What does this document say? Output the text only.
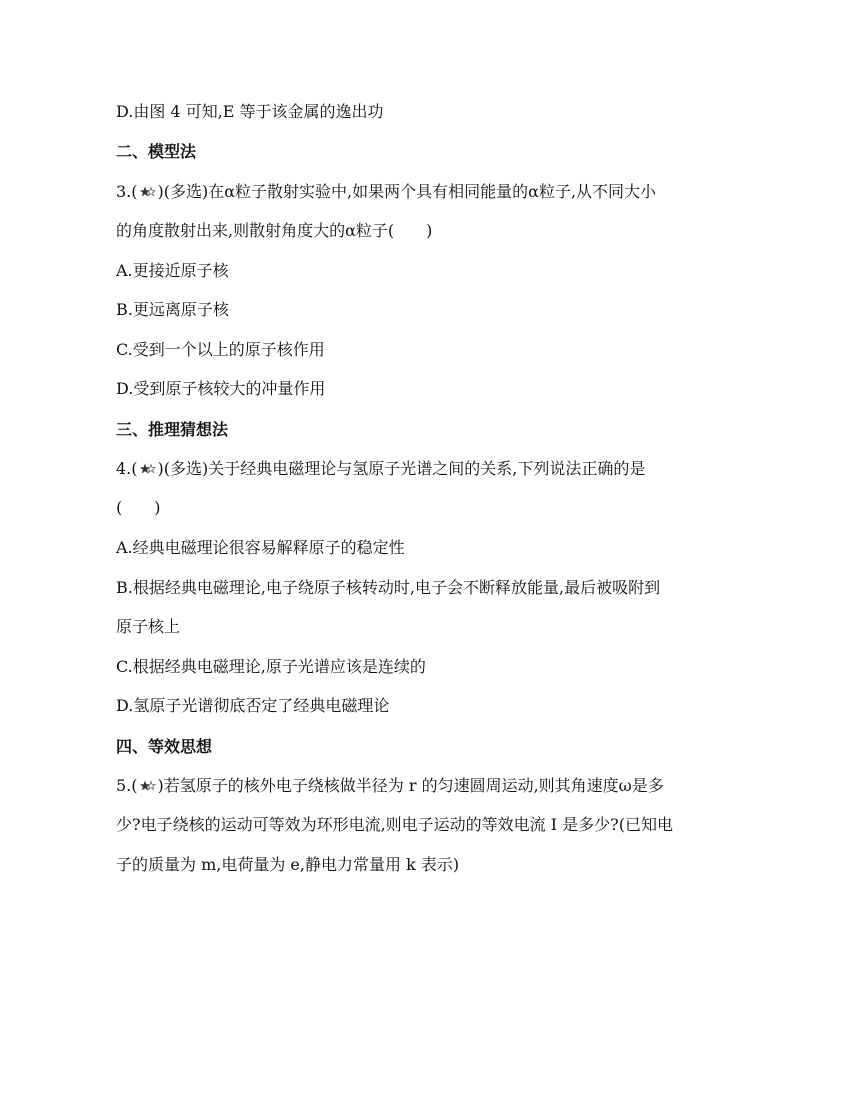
D.由图 4 可知,E 等于该金属的逸出功
二、模型法
3.( )(多选)在α粒子散射实验中,如果两个具有相同能量的α粒子,从不同大小
的角度散射出来,则散射角度大的α粒子(　　)
A.更接近原子核
B.更远离原子核
C.受到一个以上的原子核作用
D.受到原子核较大的冲量作用
三、推理猜想法
4.( )(多选)关于经典电磁理论与氢原子光谱之间的关系,下列说法正确的是
(　　)
A.经典电磁理论很容易解释原子的稳定性
B.根据经典电磁理论,电子绕原子核转动时,电子会不断释放能量,最后被吸附到
原子核上
C.根据经典电磁理论,原子光谱应该是连续的
D.氢原子光谱彻底否定了经典电磁理论
四、等效思想
5.( )若氢原子的核外电子绕核做半径为 r 的匀速圆周运动,则其角速度ω是多
少?电子绕核的运动可等效为环形电流,则电子运动的等效电流 I 是多少?(已知电
子的质量为 m,电荷量为 e,静电力常量用 k 表示)
